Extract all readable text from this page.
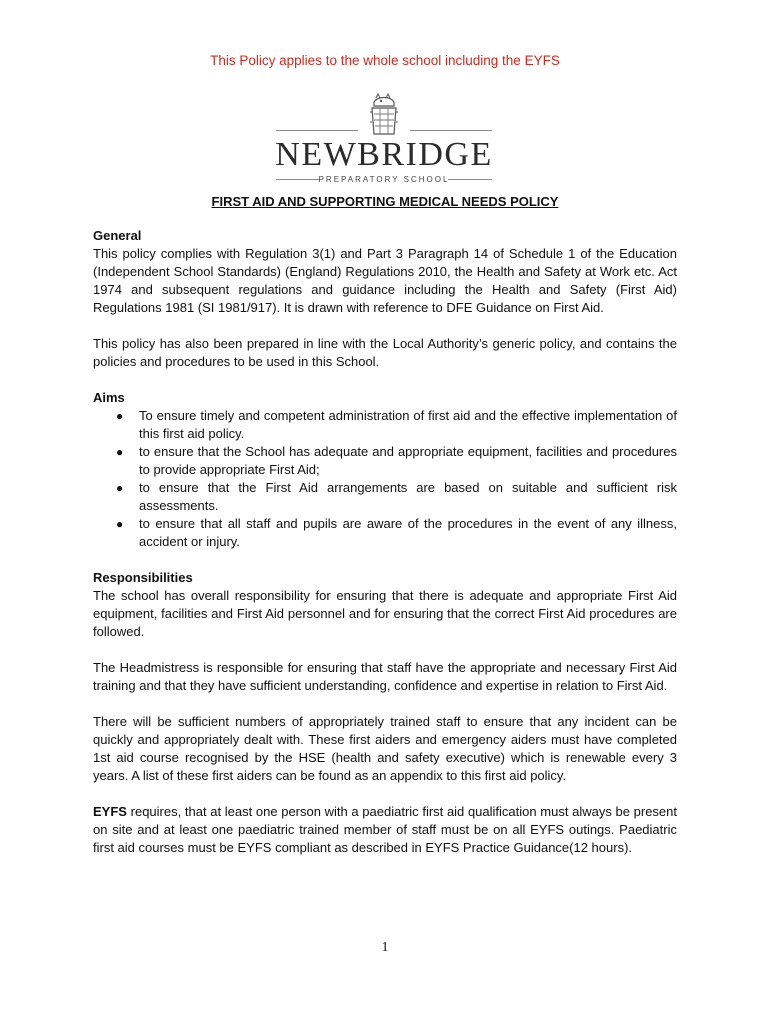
This Policy applies to the whole school including the EYFS
NEWBRIDGE
PREPARATORY SCHOOL
FIRST AID AND SUPPORTING MEDICAL NEEDS POLICY
General

This policy complies with Regulation 3(1) and Part 3 Paragraph 14 of Schedule 1 of the Education (Independent School Standards) (England) Regulations 2010, the Health and Safety at Work etc. Act 1974 and subsequent regulations and guidance including the Health and Safety (First Aid) Regulations 1981 (SI 1981/917). It is drawn with reference to DFE Guidance on First Aid.

This policy has also been prepared in line with the Local Authority’s generic policy, and contains the policies and procedures to be used in this School.

Aims
● To ensure timely and competent administration of first aid and the effective implementation of this first aid policy.
● to ensure that the School has adequate and appropriate equipment, facilities and procedures to provide appropriate First Aid;
● to ensure that the First Aid arrangements are based on suitable and sufficient risk assessments.
● to ensure that all staff and pupils are aware of the procedures in the event of any illness, accident or injury.
Responsibilities

The school has overall responsibility for ensuring that there is adequate and appropriate First Aid equipment, facilities and First Aid personnel and for ensuring that the correct First Aid procedures are followed.

The Headmistress is responsible for ensuring that staff have the appropriate and necessary First Aid training and that they have sufficient understanding, confidence and expertise in relation to First Aid.

There will be sufficient numbers of appropriately trained staff to ensure that any incident can be quickly and appropriately dealt with. These first aiders and emergency aiders must have completed 1st aid course recognised by the HSE (health and safety executive) which is renewable every 3 years. A list of these first aiders can be found as an appendix to this first aid policy.

EYFS requires, that at least one person with a paediatric first aid qualification must always be present on site and at least one paediatric trained member of staff must be on all EYFS outings. Paediatric first aid courses must be EYFS compliant as described in EYFS Practice Guidance(12 hours).

1
